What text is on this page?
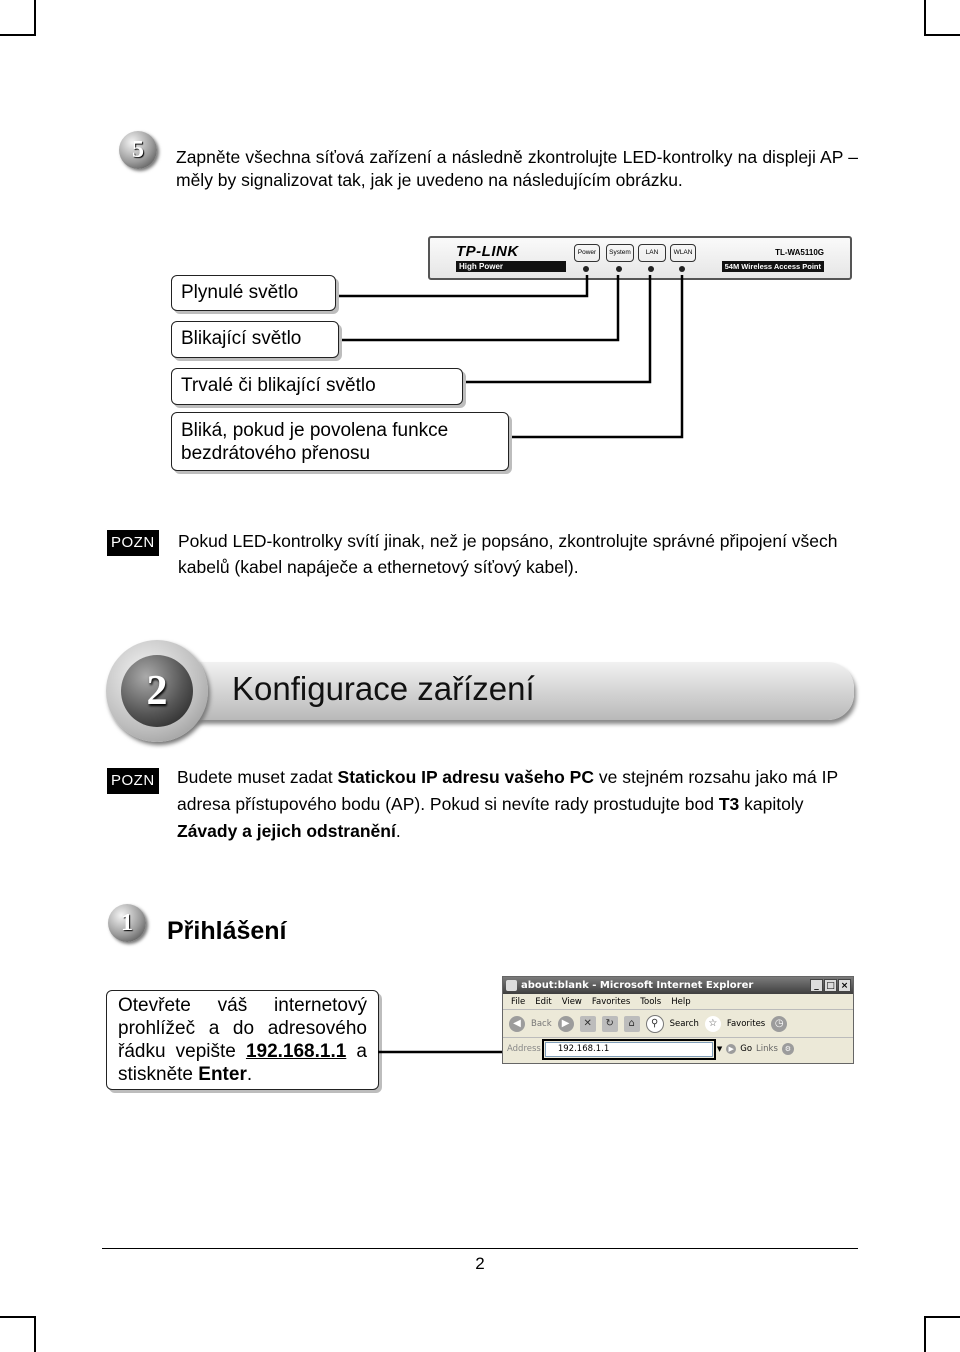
5	Zapněte všechna síťová zařízení a následně zkontrolujte LED-kontrolky na displeji AP – měly by signalizovat tak, jak je uvedeno na následujícím obrázku.
TP-LINK
High Power
Power	System	LAN	WLAN	TL-WA5110G
54M Wireless Access Point
Plynulé světlo
Blikající světlo
Trvalé či blikající světlo
Bliká, pokud je povolena funkce bezdrátového přenosu
POZN Pokud LED-kontrolky svítí jinak, než je popsáno, zkontrolujte správné připojení všech kabelů (kabel napáječe a ethernetový síťový kabel).
2	Konfigurace zařízení
POZN Budete muset zadat Statickou IP adresu vašeho PC ve stejném rozsahu jako má IP adresa přístupového bodu (AP). Pokud si nevíte rady prostudujte bod T3 kapitoly Závady a jejich odstranění.
1	Přihlášení
Otevřete váš internetový prohlížeč a do adresového řádku vepište 192.168.1.1 a stiskněte Enter.
about:blank - Microsoft Internet Explorer	_ □ ×
File Edit View Favorites Tools Help
◀	Back	▶	✕	↻	⌂	⚲	Search ☆	Favorites ◷
Address 192.168.1.1	▼ ▶ Go Links ⚙
2
